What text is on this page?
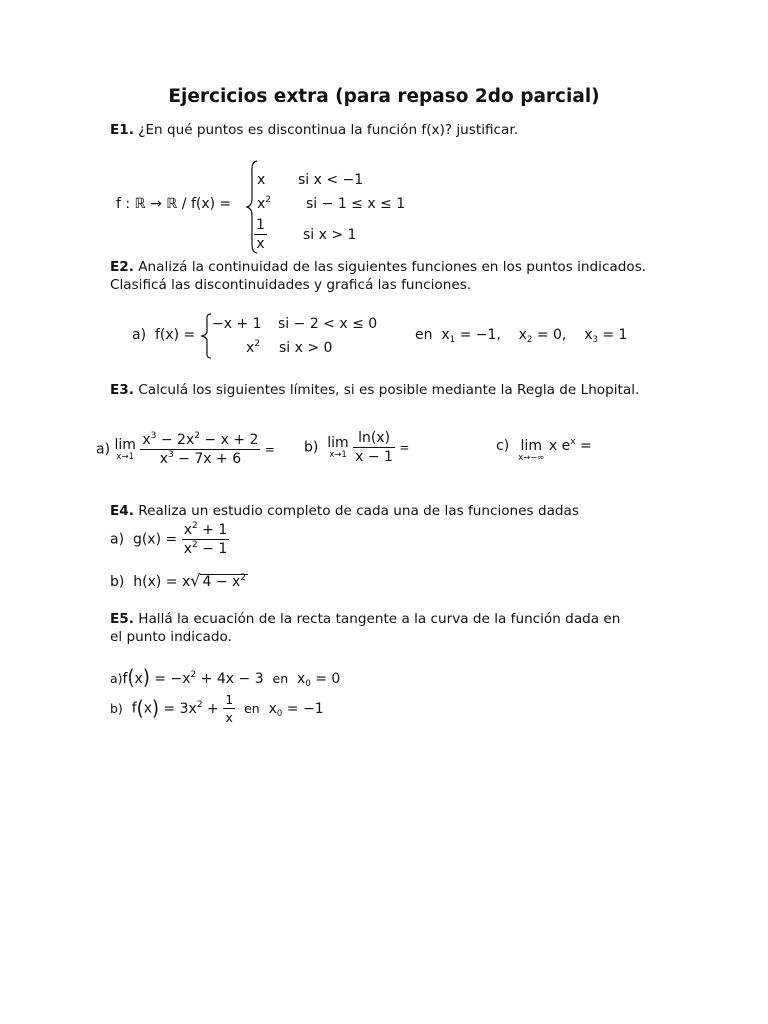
Ejercicios extra (para repaso 2do parcial)
E1. ¿En qué puntos es discontinua la función f(x)? justificar.
f : ℝ → ℝ / f(x) =
x si x < −1
$x^2$ si − 1 ≤ x ≤ 1
$\frac{1}{x}$	si x > 1
E2. Analizá la continuidad de las siguientes funciones en los puntos indicados.
Clasificá las discontinuidades y graficá las funciones.
a) f(x) =
−x + 1 si − 2 < x ≤ 0
$x^2$ si x > 0
en $x_1 = -1$, $x_2 = 0$, $x_3 = 1$
E3. Calculá los siguientes límites, si es posible mediante la Regla de Lhopital.
a) lim
x→1
$\frac{x^3 - 2x^2 - x + 2}{x^3 - 7x + 6} = b$) lim
x→1
$\frac{\ln(x)}{x - 1}$ =	c) lim
x→−∞
x $e^x$ =
E4. Realiza un estudio completo de cada una de las funciones dadas
a) $g(x) = \frac{x^2 + 1}{x^2 - 1}$
b) h(x) = x√ $4 - x^2$
E5. Hallá la ecuación de la recta tangente a la curva de la función dada en
el punto indicado.
$a)f(x) = -x^2 + 4x - 3$ en $x_0 = 0$
b) $f(x) = 3x^2 + \frac{1}{x}$ en $x_0 = -1$
